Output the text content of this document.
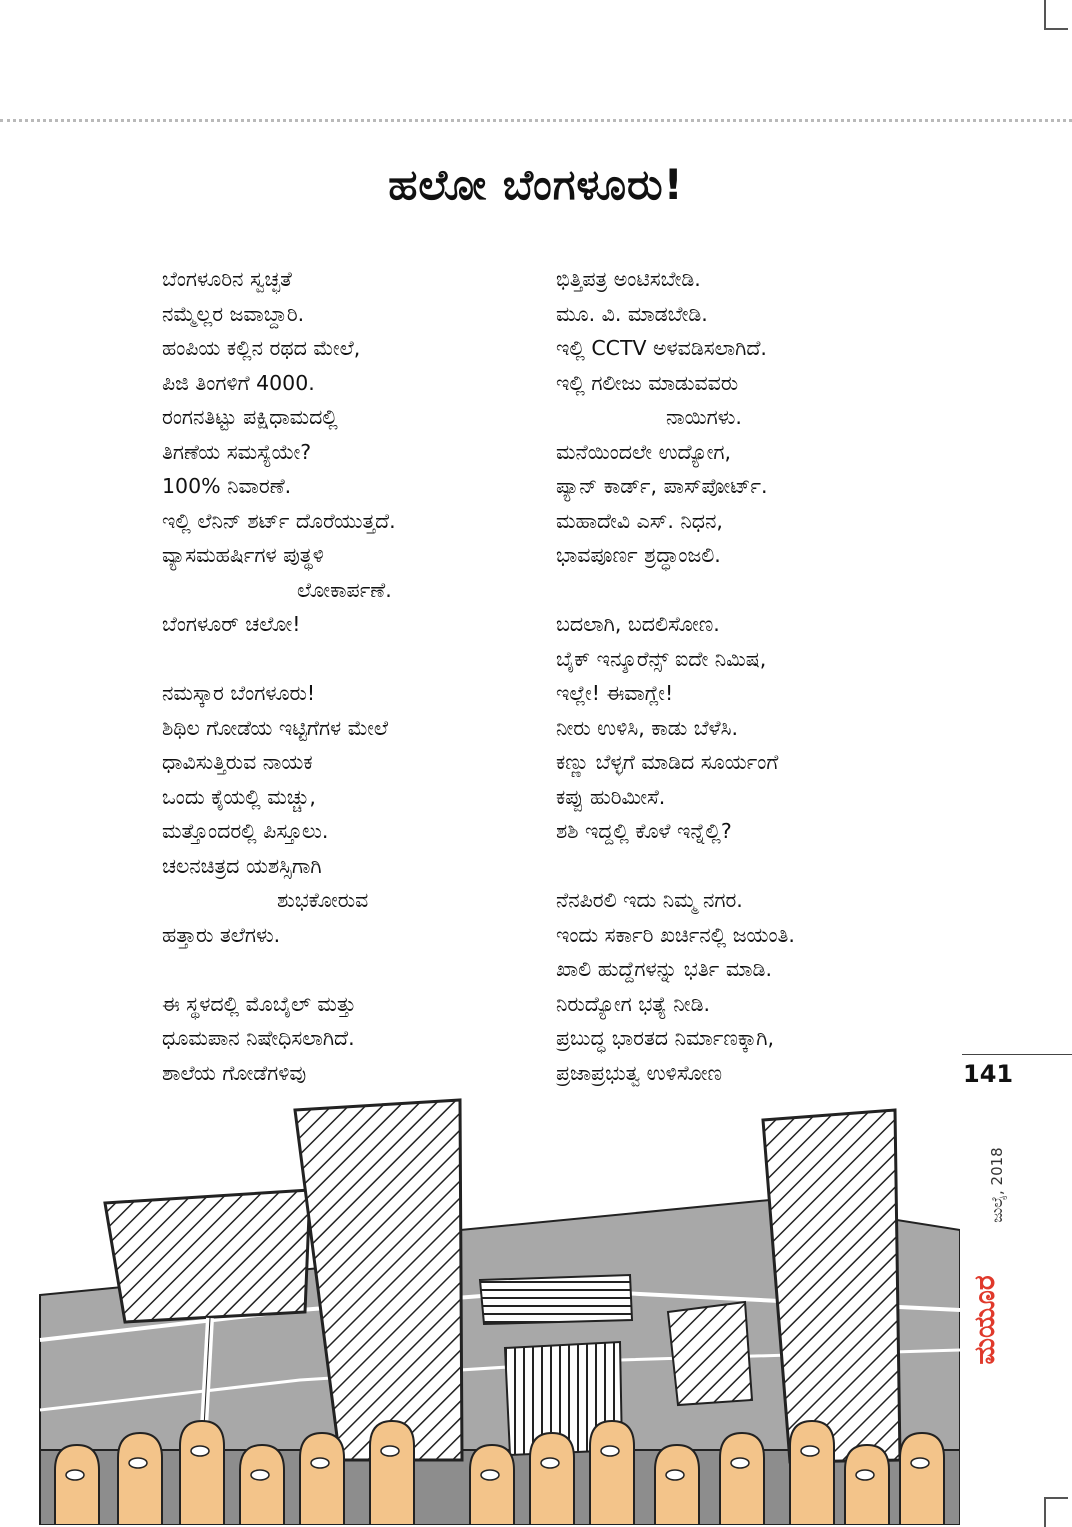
ಹಲೋ ಬೆಂಗಳೂರು!
ಬೆಂಗಳೂರಿನ ಸ್ವಚ್ಛತೆ
ನಮ್ಮೆಲ್ಲರ ಜವಾಬ್ದಾರಿ.
ಹಂಪಿಯ ಕಲ್ಲಿನ ರಥದ ಮೇಲೆ,
ಪಿಜಿ ತಿಂಗಳಿಗೆ 4000.
ರಂಗನತಿಟ್ಟು ಪಕ್ಷಿಧಾಮದಲ್ಲಿ
ತಿಗಣೆಯ ಸಮಸ್ಯೆಯೇ?
100% ನಿವಾರಣೆ.
ಇಲ್ಲಿ ಲೆನಿನ್ ಶರ್ಟ್ ದೊರೆಯುತ್ತದೆ.
ವ್ಯಾಸಮಹರ್ಷಿಗಳ ಪುತ್ಥಳಿ
ಲೋಕಾರ್ಪಣೆ.
ಬೆಂಗಳೂರ್ ಚಲೋ!
ನಮಸ್ಕಾರ ಬೆಂಗಳೂರು!
ಶಿಥಿಲ ಗೋಡೆಯ ಇಟ್ಟಿಗೆಗಳ ಮೇಲೆ
ಧಾವಿಸುತ್ತಿರುವ ನಾಯಕ
ಒಂದು ಕೈಯಲ್ಲಿ ಮಚ್ಚು,
ಮತ್ತೊಂದರಲ್ಲಿ ಪಿಸ್ತೂಲು.
ಚಲನಚಿತ್ರದ ಯಶಸ್ಸಿಗಾಗಿ
ಶುಭಕೋರುವ
ಹತ್ತಾರು ತಲೆಗಳು.
ಈ ಸ್ಥಳದಲ್ಲಿ ಮೊಬೈಲ್ ಮತ್ತು
ಧೂಮಪಾನ ನಿಷೇಧಿಸಲಾಗಿದೆ.
ಶಾಲೆಯ ಗೋಡೆಗಳಿವು
ಭಿತ್ತಿಪತ್ರ ಅಂಟಿಸಬೇಡಿ.
ಮೂ. ವಿ. ಮಾಡಬೇಡಿ.
ಇಲ್ಲಿ CCTV ಅಳವಡಿಸಲಾಗಿದೆ.
ಇಲ್ಲಿ ಗಲೀಜು ಮಾಡುವವರು
ನಾಯಿಗಳು.
ಮನೆಯಿಂದಲೇ ಉದ್ಯೋಗ,
ಪ್ಯಾನ್ ಕಾರ್ಡ್, ಪಾಸ್‌ಪೋರ್ಟ್.
ಮಹಾದೇವಿ ಎಸ್. ನಿಧನ,
ಭಾವಪೂರ್ಣ ಶ್ರದ್ಧಾಂಜಲಿ.
ಬದಲಾಗಿ, ಬದಲಿಸೋಣ.
ಬೈಕ್ ಇನ್ಶೂರೆನ್ಸ್ ಐದೇ ನಿಮಿಷ,
ಇಲ್ಲೇ! ಈವಾಗ್ಲೇ!
ನೀರು ಉಳಿಸಿ, ಕಾಡು ಬೆಳೆಸಿ.
ಕಣ್ಣು ಬೆಳ್ಳಗೆ ಮಾಡಿದ ಸೂರ್ಯಂಗೆ
ಕಪ್ಪು ಹುರಿಮೀಸೆ.
ಶಶಿ ಇದ್ದಲ್ಲಿ ಕೊಳೆ ಇನ್ನೆಲ್ಲಿ?
ನೆನಪಿರಲಿ ಇದು ನಿಮ್ಮ ನಗರ.
ಇಂದು ಸರ್ಕಾರಿ ಖರ್ಚಿನಲ್ಲಿ ಜಯಂತಿ.
ಖಾಲಿ ಹುದ್ದೆಗಳನ್ನು ಭರ್ತಿ ಮಾಡಿ.
ನಿರುದ್ಯೋಗ ಭತ್ಯೆ ನೀಡಿ.
ಪ್ರಬುದ್ಧ ಭಾರತದ ನಿರ್ಮಾಣಕ್ಕಾಗಿ,
ಪ್ರಜಾಪ್ರಭುತ್ವ ಉಳಿಸೋಣ
ಮಯೂರ
ಜುಲೈ, 2018
141
